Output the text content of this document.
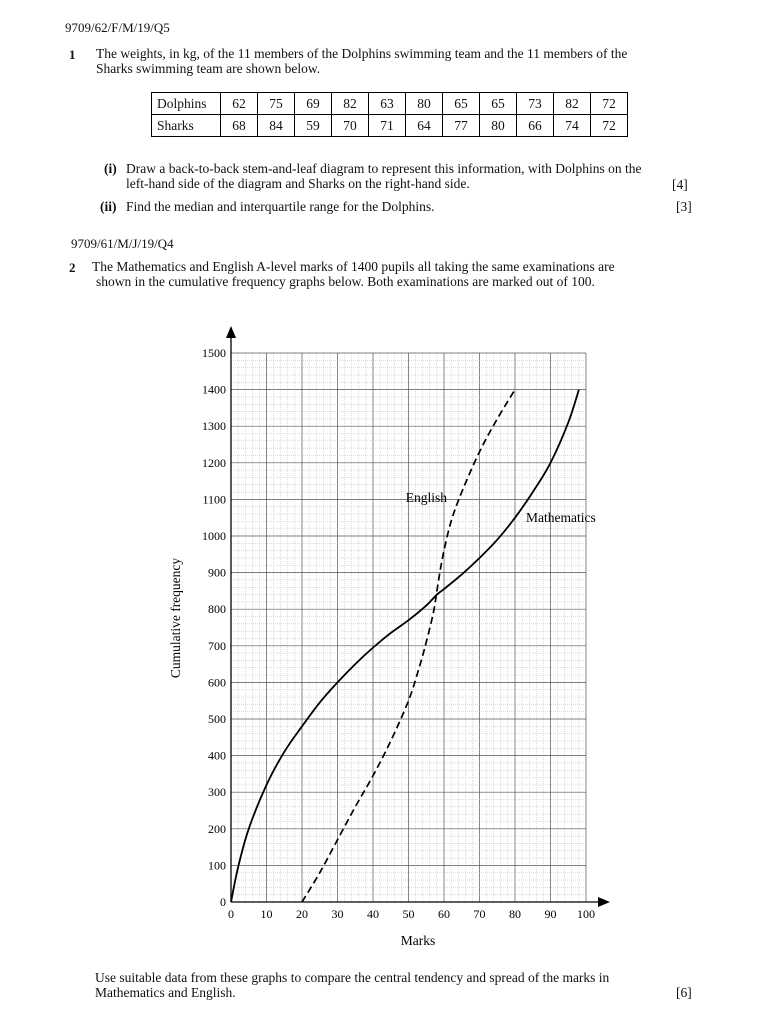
9709/62/F/M/19/Q5
1 The weights, in kg, of the 11 members of the Dolphins swimming team and the 11 members of the
Sharks swimming team are shown below.
Dolphins	62	75	69	82	63	80	65	65	73	82	72
Sharks	68	84	59	70	71	64	77	80	66	74	72
(i) Draw a back-to-back stem-and-leaf diagram to represent this information, with Dolphins on the
left-hand side of the diagram and Sharks on the right-hand side.	[4]
(ii) Find the median and interquartile range for the Dolphins.	[3]
9709/61/M/J/19/Q4
2 The Mathematics and English A-level marks of 1400 pupils all taking the same examinations are
shown in the cumulative frequency graphs below. Both examinations are marked out of 100.
0 10 20 30 40 50 60 70 80 90 100
0
100
200
300
400
500
600
700
800
900
1000
1100
1200
1300
1400
1500
Marks
Cumulative frequency
English
Mathematics
Use suitable data from these graphs to compare the central tendency and spread of the marks in
Mathematics and English.	[6]
